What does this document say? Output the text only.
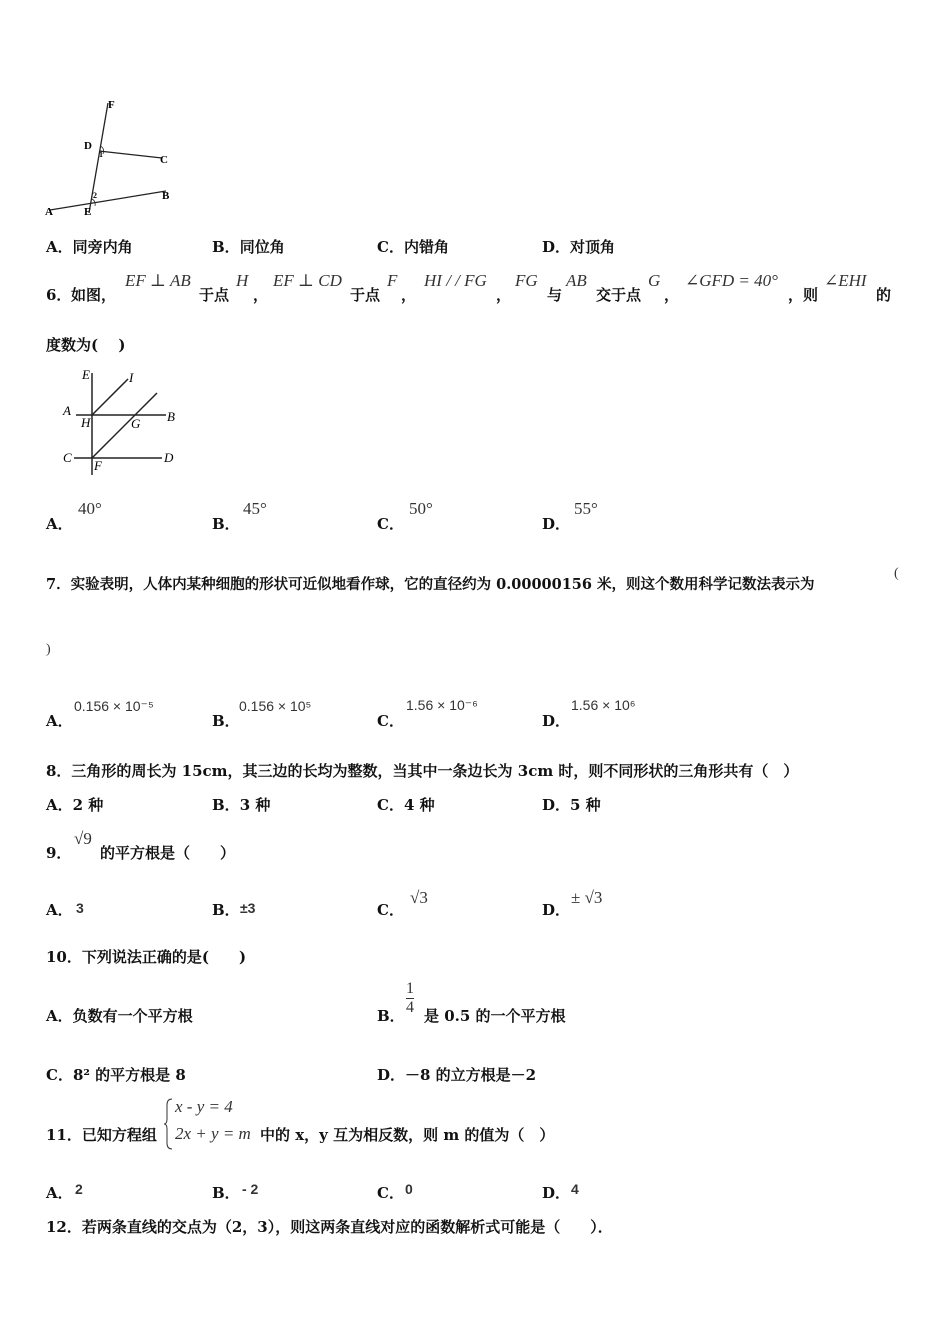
F
D
C
B
A	E
1
2
A．同旁内角	B．同位角	C．内错角	D．对顶角
6． 如图，
EF ⊥ AB
于点
H
，
EF ⊥ CD
于点
F
，
HI / / FG
，
FG
与
AB
交于点
G
，
∠GFD = 40°
，则
∠EHI
的
度数为(　 )
E	I
A	B
H	G
C
F
D
A．
40°
B．
45°
C．
50°
D．
55°
7．实验表明，人体内某种细胞的形状可近似地看作球，它的直径约为 0.00000156 米，则这个数用科学记数法表示为
(
)
A．
0.156 × 10⁻⁵
B．
0.156 × 10⁵
C．
1.56 × 10⁻⁶
D．
1.56 × 10⁶
8．三角形的周长为 15cm，其三边的长均为整数，当其中一条边长为 3cm 时，则不同形状的三角形共有（　）
A．2 种	B．3 种	C．4 种	D．5 种
9．
√9
的平方根是（　　）
A． 3	B． ±3	C．
√3
D．
± √3
10．下列说法正确的是(　　)
A．负数有一个平方根	B． $\frac{1}{4}$ 是 0.5 的一个平方根
C．8² 的平方根是 8	D．－8 的立方根是－2
11．已知方程组
x - y = 4
2x + y = m 中的 x，y 互为相反数，则 m 的值为（　）
A． 2	B． - 2	C． 0	D． 4
12．若两条直线的交点为（2，3），则这两条直线对应的函数解析式可能是（　　）．
